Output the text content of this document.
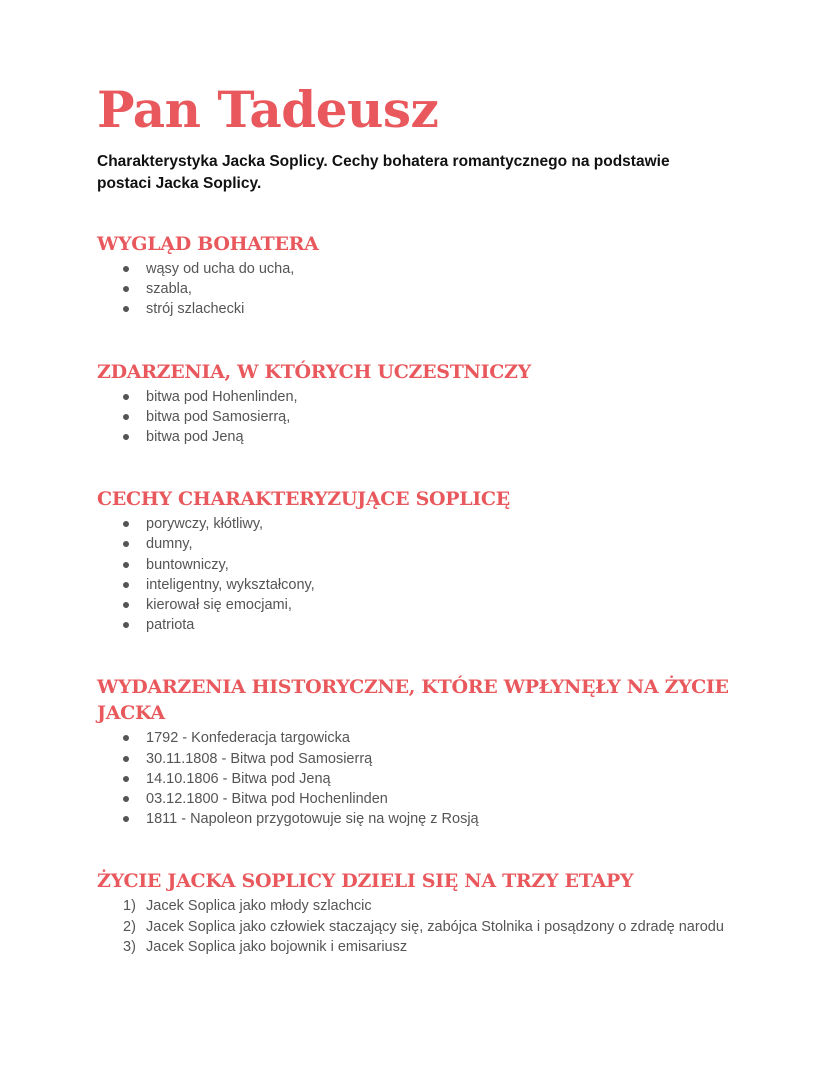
Pan Tadeusz

Charakterystyka Jacka Soplicy. Cechy bohatera romantycznego na podstawie postaci Jacka Soplicy.

WYGLĄD BOHATERA
wąsy od ucha do ucha,
szabla,
strój szlachecki
ZDARZENIA, W KTÓRYCH UCZESTNICZY
bitwa pod Hohenlinden,
bitwa pod Samosierrą,
bitwa pod Jeną
CECHY CHARAKTERYZUJĄCE SOPLICĘ
porywczy, kłótliwy,
dumny,
buntowniczy,
inteligentny, wykształcony,
kierował się emocjami,
patriota
WYDARZENIA HISTORYCZNE, KTÓRE WPŁYNĘŁY NA ŻYCIE JACKA
1792 - Konfederacja targowicka
30.11.1808 - Bitwa pod Samosierrą
14.10.1806 - Bitwa pod Jeną
03.12.1800 - Bitwa pod Hochenlinden
1811 - Napoleon przygotowuje się na wojnę z Rosją
ŻYCIE JACKA SOPLICY DZIELI SIĘ NA TRZY ETAPY
1) Jacek Soplica jako młody szlachcic
2) Jacek Soplica jako człowiek staczający się, zabójca Stolnika i posądzony o zdradę narodu
3) Jacek Soplica jako bojownik i emisariusz
